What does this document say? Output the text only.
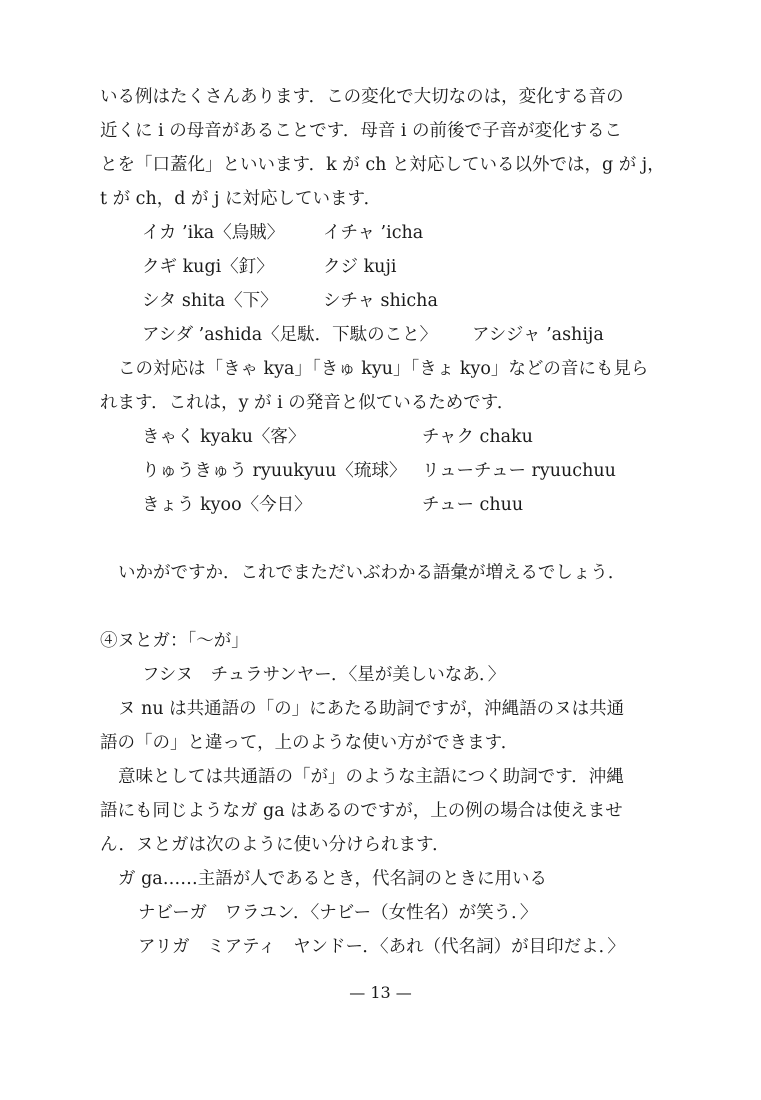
いる例はたくさんあります．この変化で大切なのは，変化する音の
近くに i の母音があることです．母音 i の前後で子音が変化するこ
とを「口蓋化」といいます．k が ch と対応している以外では，g が j，
t が ch，d が j に対応しています．
イカ ’ika〈烏賊〉 イチャ ’icha
クギ kugi〈釘〉	クジ kuji
シタ shita〈下〉	シチャ shicha
アシダ ’ashida〈足駄．下駄のこと〉 アシジャ ’ashija
この対応は「きゃ kya」「きゅ kyu」「きょ kyo」などの音にも見ら
れます．これは，y が i の発音と似ているためです．
きゃく kyaku〈客〉	チャク chaku
りゅうきゅう ryuukyuu〈琉球〉 リューチュー ryuuchuu
きょう kyoo〈今日〉	チュー chuu
いかがですか．これでまただいぶわかる語彙が増えるでしょう．
④ヌとガ：「～が」
フシヌ　チュラサンヤー．〈星が美しいなあ．〉
ヌ nu は共通語の「の」にあたる助詞ですが，沖縄語のヌは共通
語の「の」と違って，上のような使い方ができます．
意味としては共通語の「が」のような主語につく助詞です．沖縄
語にも同じようなガ ga はあるのですが，上の例の場合は使えませ
ん．ヌとガは次のように使い分けられます．
ガ ga……主語が人であるとき，代名詞のときに用いる
ナビーガ　ワラユン．〈ナビー（女性名）が笑う．〉
アリガ　ミアティ　ヤンドー．〈あれ（代名詞）が目印だよ．〉
— 13 —
